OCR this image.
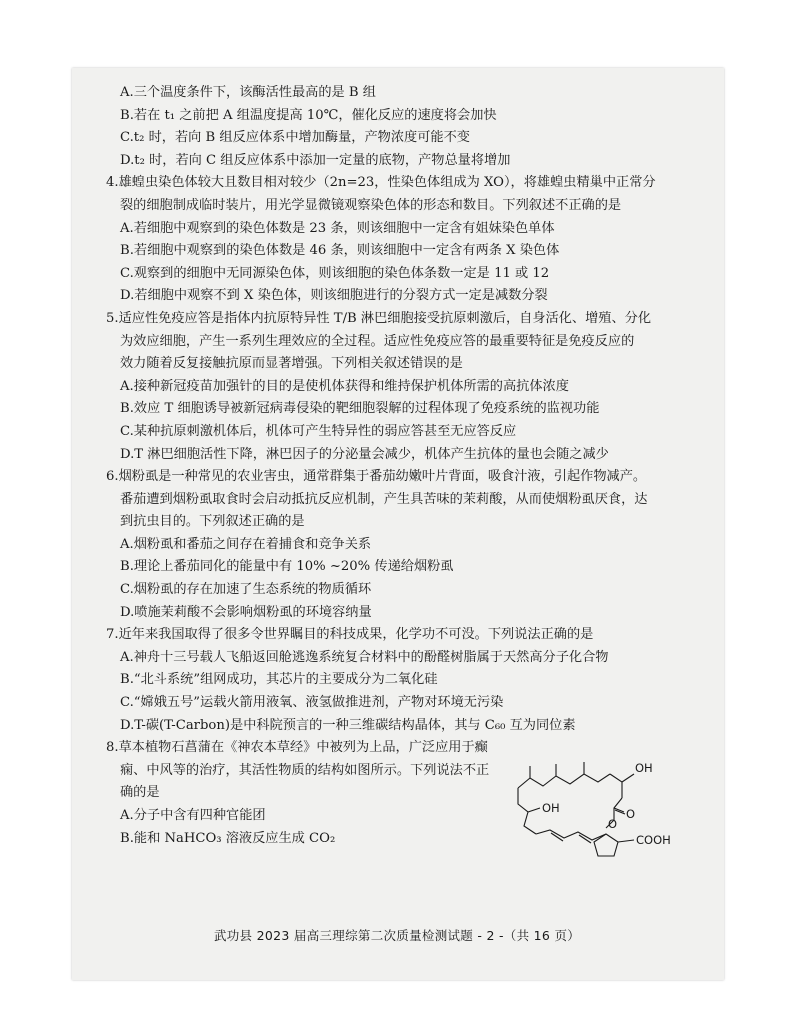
A.三个温度条件下，该酶活性最高的是 B 组
B.若在 t₁ 之前把 A 组温度提高 10℃，催化反应的速度将会加快
C.t₂ 时，若向 B 组反应体系中增加酶量，产物浓度可能不变
D.t₂ 时，若向 C 组反应体系中添加一定量的底物，产物总量将增加
4.雄蝗虫染色体较大且数目相对较少（2n=23，性染色体组成为 XO），将雄蝗虫精巢中正常分
裂的细胞制成临时装片，用光学显微镜观察染色体的形态和数目。下列叙述不正确的是
A.若细胞中观察到的染色体数是 23 条，则该细胞中一定含有姐妹染色单体
B.若细胞中观察到的染色体数是 46 条，则该细胞中一定含有两条 X 染色体
C.观察到的细胞中无同源染色体，则该细胞的染色体条数一定是 11 或 12
D.若细胞中观察不到 X 染色体，则该细胞进行的分裂方式一定是减数分裂
5.适应性免疫应答是指体内抗原特异性 T/B 淋巴细胞接受抗原刺激后，自身活化、增殖、分化
为效应细胞，产生一系列生理效应的全过程。适应性免疫应答的最重要特征是免疫反应的
效力随着反复接触抗原而显著增强。下列相关叙述错误的是
A.接种新冠疫苗加强针的目的是使机体获得和维持保护机体所需的高抗体浓度
B.效应 T 细胞诱导被新冠病毒侵染的靶细胞裂解的过程体现了免疫系统的监视功能
C.某种抗原刺激机体后，机体可产生特异性的弱应答甚至无应答反应
D.T 淋巴细胞活性下降，淋巴因子的分泌量会减少，机体产生抗体的量也会随之减少
6.烟粉虱是一种常见的农业害虫，通常群集于番茄幼嫩叶片背面，吸食汁液，引起作物减产。
番茄遭到烟粉虱取食时会启动抵抗反应机制，产生具苦味的茉莉酸，从而使烟粉虱厌食，达
到抗虫目的。下列叙述正确的是
A.烟粉虱和番茄之间存在着捕食和竞争关系
B.理论上番茄同化的能量中有 10% ~20% 传递给烟粉虱
C.烟粉虱的存在加速了生态系统的物质循环
D.喷施茉莉酸不会影响烟粉虱的环境容纳量
7.近年来我国取得了很多令世界瞩目的科技成果，化学功不可没。下列说法正确的是
A.神舟十三号载人飞船返回舱逃逸系统复合材料中的酚醛树脂属于天然高分子化合物
B.“北斗系统”组网成功，其芯片的主要成分为二氧化硅
C.“嫦娥五号”运载火箭用液氧、液氢做推进剂，产物对环境无污染
D.T-碳(T-Carbon)是中科院预言的一种三维碳结构晶体，其与 C₆₀ 互为同位素
8.草本植物石菖蒲在《神农本草经》中被列为上品，广泛应用于癫
痫、中风等的治疗，其活性物质的结构如图所示。下列说法不正
确的是
A.分子中含有四种官能团
B.能和 NaHCO₃ 溶液反应生成 CO₂
OH
OH
O
O
COOH
武功县 2023 届高三理综第二次质量检测试题 - 2 -（共 16 页）
